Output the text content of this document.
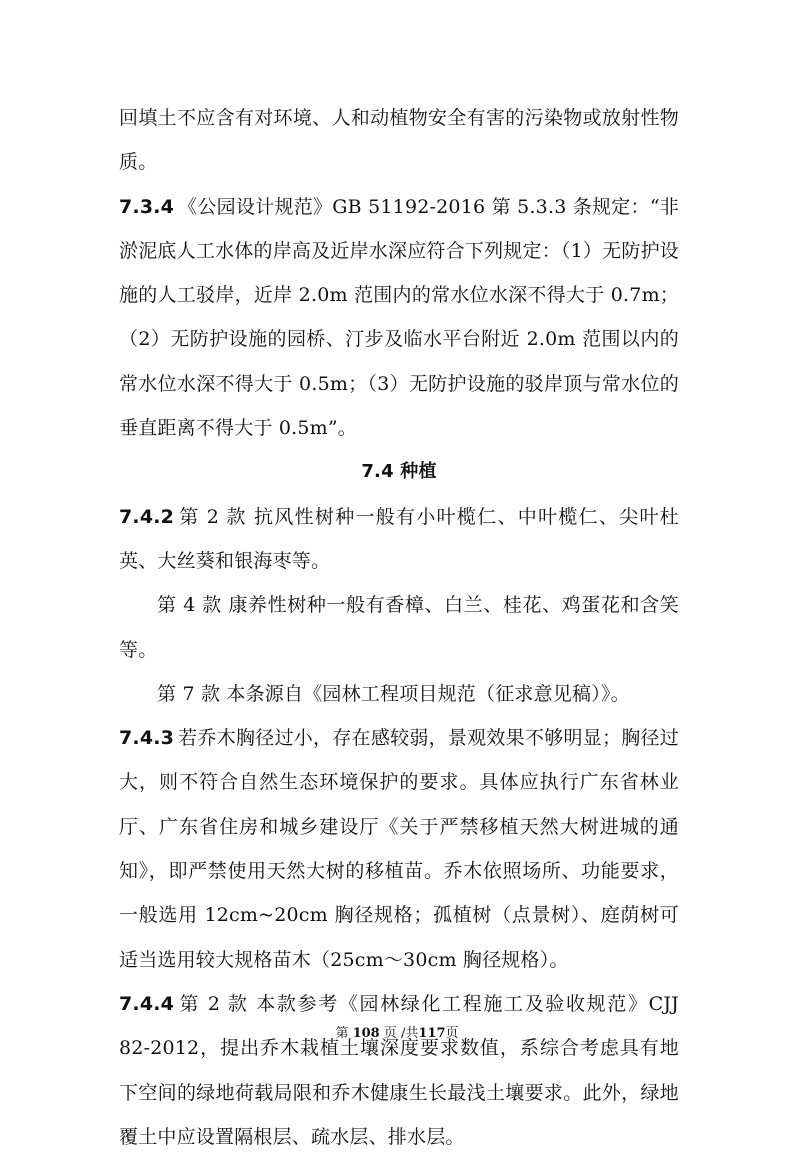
回填土不应含有对环境、人和动植物安全有害的污染物或放射性物质。

7.3.4 《公园设计规范》GB 51192-2016 第 5.3.3 条规定：“非淤泥底人工水体的岸高及近岸水深应符合下列规定：（1）无防护设施的人工驳岸，近岸 2.0m 范围内的常水位水深不得大于 0.7m；（2）无防护设施的园桥、汀步及临水平台附近 2.0m 范围以内的常水位水深不得大于 0.5m；（3）无防护设施的驳岸顶与常水位的垂直距离不得大于 0.5m”。

7.4 种植

7.4.2 第 2 款 抗风性树种一般有小叶榄仁、中叶榄仁、尖叶杜英、大丝葵和银海枣等。

第 4 款 康养性树种一般有香樟、白兰、桂花、鸡蛋花和含笑等。

第 7 款 本条源自《园林工程项目规范（征求意见稿）》。

7.4.3 若乔木胸径过小，存在感较弱，景观效果不够明显；胸径过大，则不符合自然生态环境保护的要求。具体应执行广东省林业厅、广东省住房和城乡建设厅《关于严禁移植天然大树进城的通知》，即严禁使用天然大树的移植苗。乔木依照场所、功能要求，一般选用 12cm~20cm 胸径规格；孤植树（点景树）、庭荫树可适当选用较大规格苗木（25cm～30cm 胸径规格）。

7.4.4 第 2 款 本款参考《园林绿化工程施工及验收规范》CJJ 82-2012，提出乔木栽植土壤深度要求数值，系综合考虑具有地下空间的绿地荷载局限和乔木健康生长最浅土壤要求。此外，绿地覆土中应设置隔根层、疏水层、排水层。

第 108 页 /共117页
